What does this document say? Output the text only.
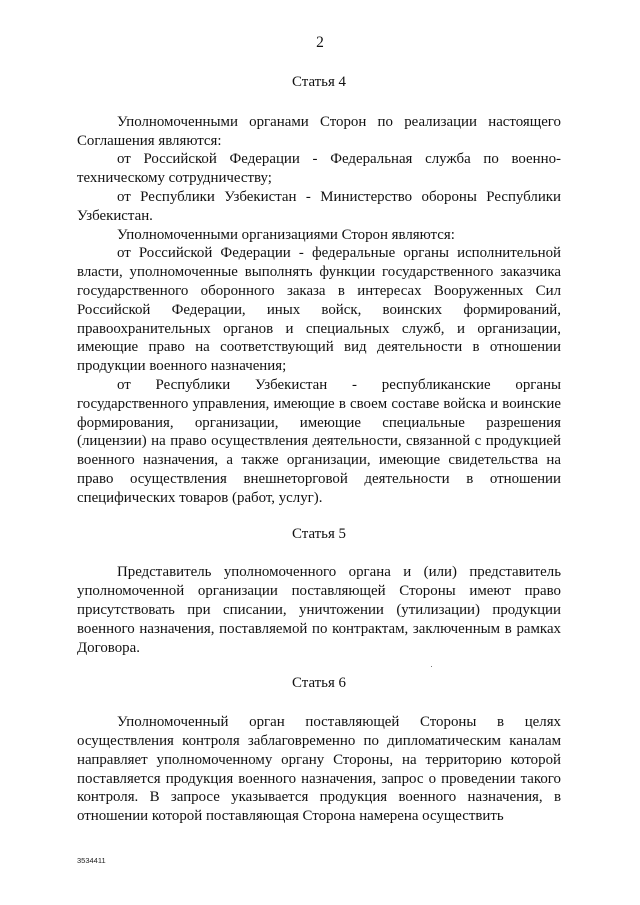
2

Статья 4

Уполномоченными органами Сторон по реализации настоящего Соглашения являются:

от Российской Федерации - Федеральная служба по военно-техническому сотрудничеству;

от Республики Узбекистан - Министерство обороны Республики Узбекистан.

Уполномоченными организациями Сторон являются:

от Российской Федерации - федеральные органы исполнительной власти, уполномоченные выполнять функции государственного заказчика государственного оборонного заказа в интересах Вооруженных Сил Российской Федерации, иных войск, воинских формирований, правоохранительных органов и специальных служб, и организации, имеющие право на соответствующий вид деятельности в отношении продукции военного назначения;

от Республики Узбекистан - республиканские органы государственного управления, имеющие в своем составе войска и воинские формирования, организации, имеющие специальные разрешения (лицензии) на право осуществления деятельности, связанной с продукцией военного назначения, а также организации, имеющие свидетельства на право осуществления внешнеторговой деятельности в отношении специфических товаров (работ, услуг).

Статья 5

Представитель уполномоченного органа и (или) представитель уполномоченной организации поставляющей Стороны имеют право присутствовать при списании, уничтожении (утилизации) продукции военного назначения, поставляемой по контрактам, заключенным в рамках Договора.

Статья 6

Уполномоченный орган поставляющей Стороны в целях осуществления контроля заблаговременно по дипломатическим каналам направляет уполномоченному органу Стороны, на территорию которой поставляется продукция военного назначения, запрос о проведении такого контроля. В запросе указывается продукция военного назначения, в отношении которой поставляющая Сторона намерена осуществить

3534411
